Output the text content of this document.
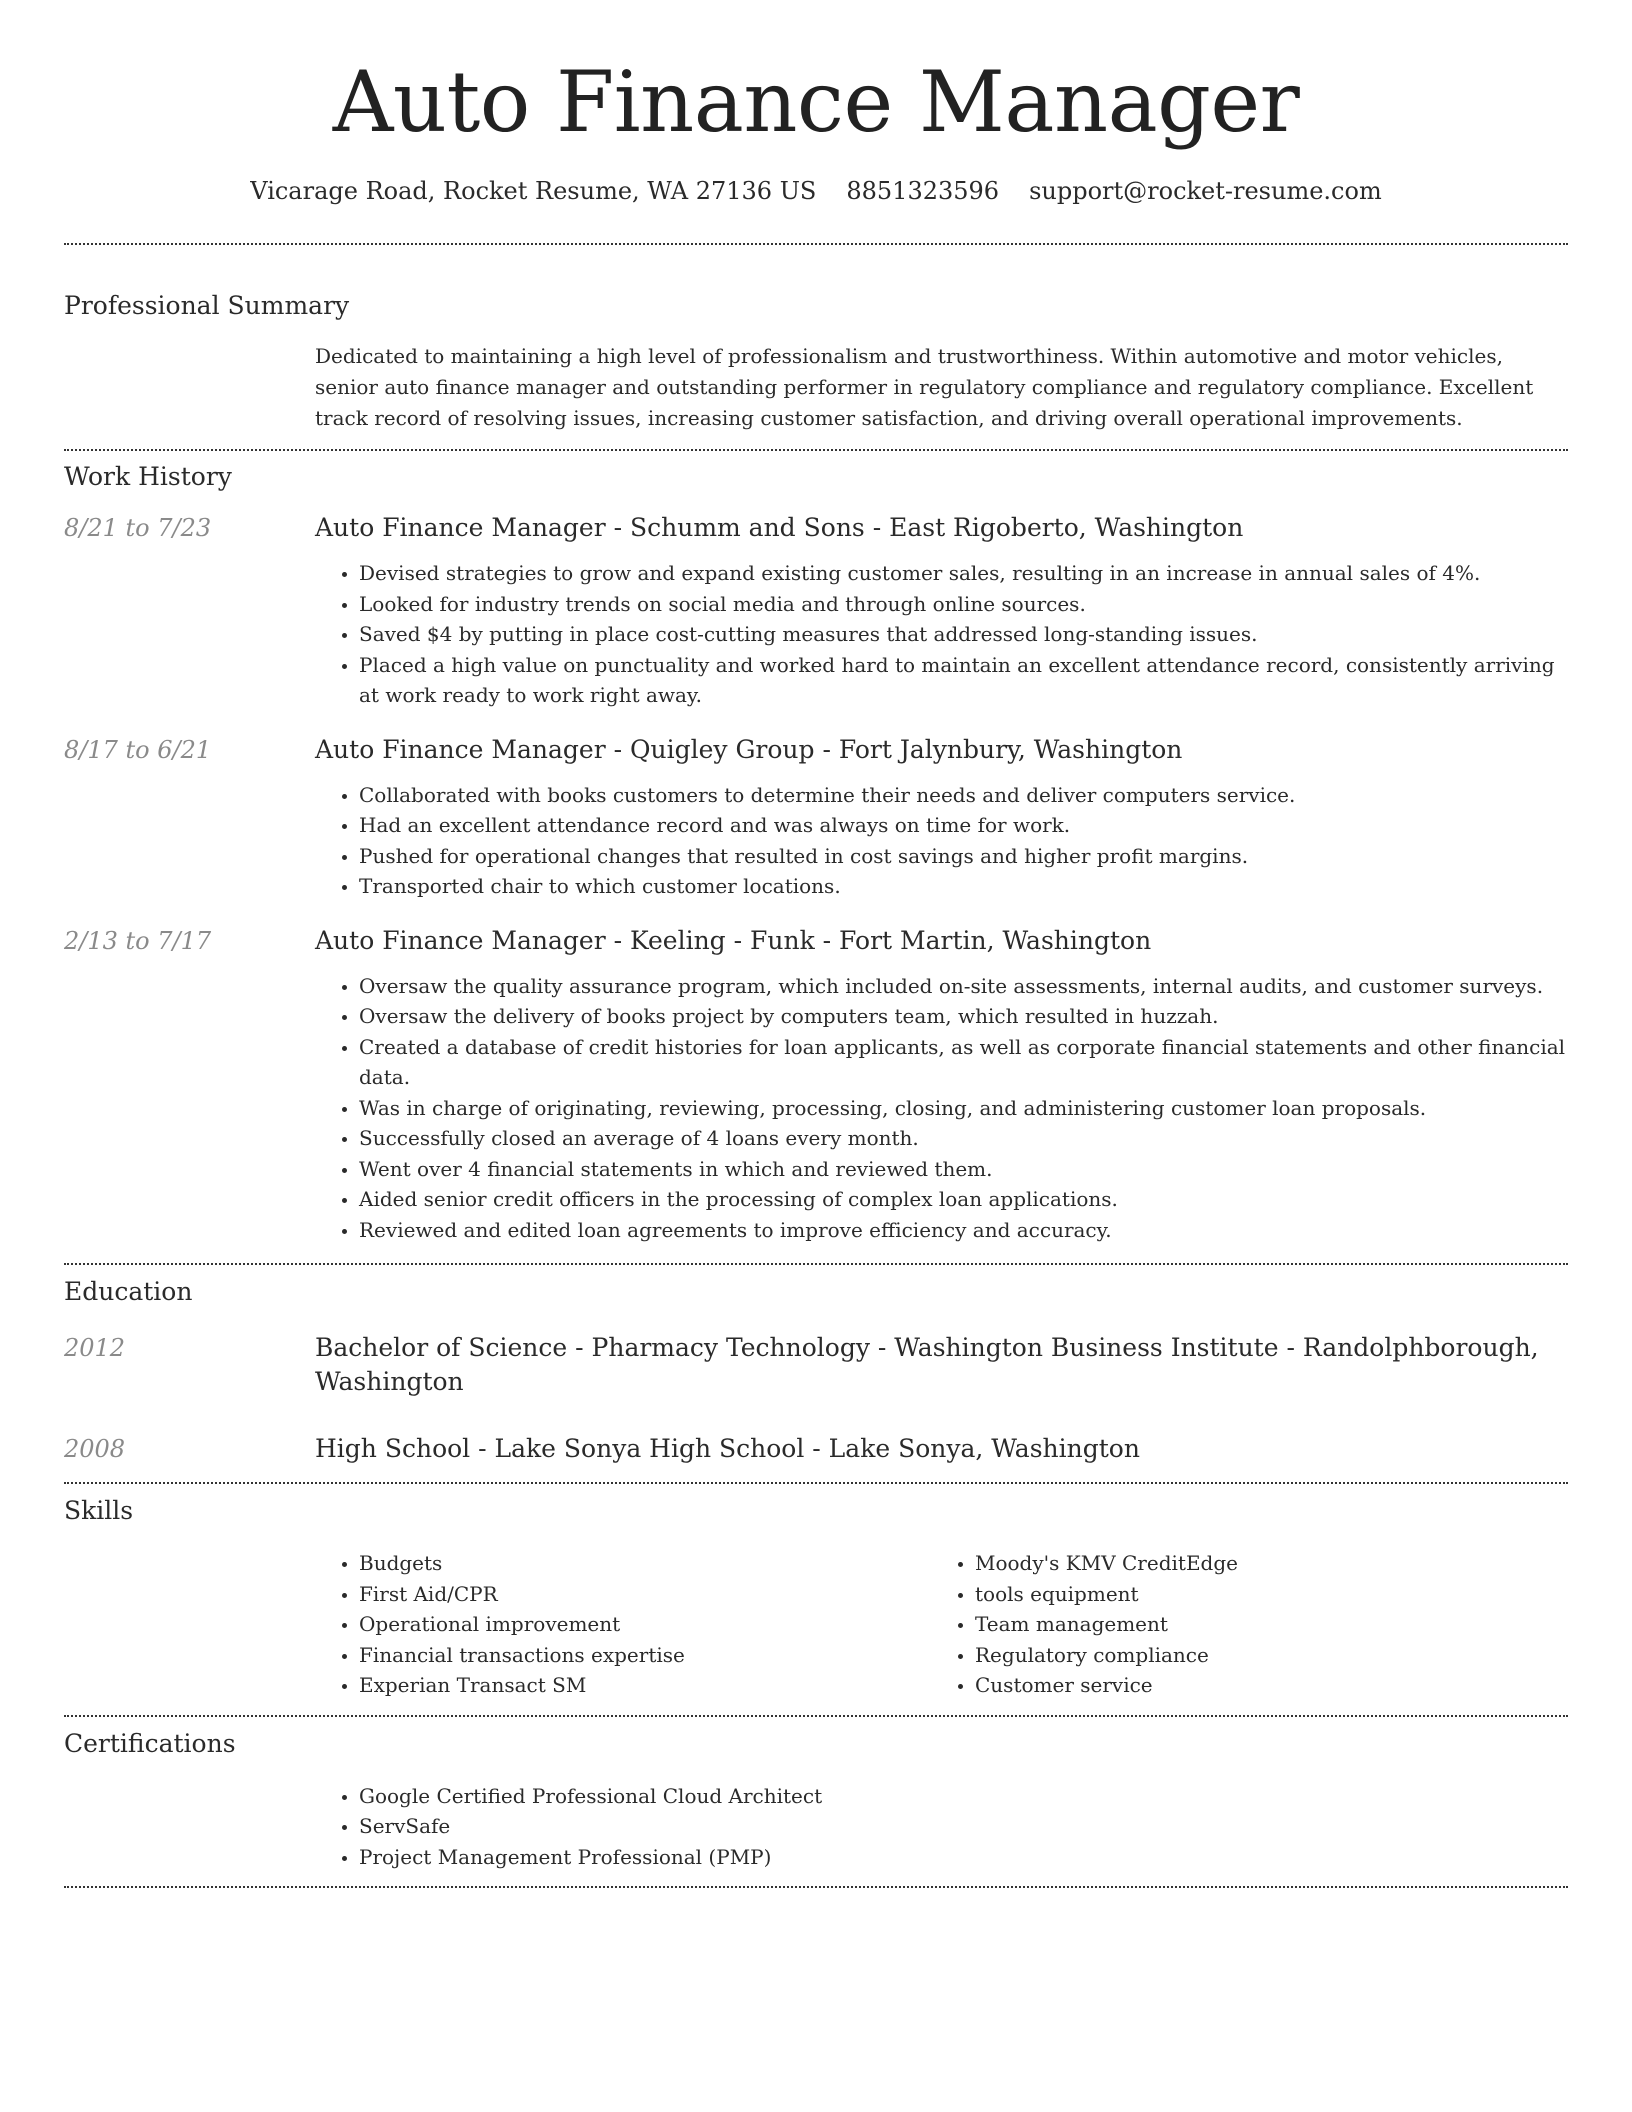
Auto Finance Manager
Vicarage Road, Rocket Resume, WA 27136 US 8851323596 support@rocket-resume.com
Professional Summary
Dedicated to maintaining a high level of professionalism and trustworthiness. Within automotive and motor vehicles, senior auto finance manager and outstanding performer in regulatory compliance and regulatory compliance. Excellent track record of resolving issues, increasing customer satisfaction, and driving overall operational improvements.
Work History
8/21 to 7/23	Auto Finance Manager - Schumm and Sons - East Rigoberto, Washington
• Devised strategies to grow and expand existing customer sales, resulting in an increase in annual sales of 4%.
• Looked for industry trends on social media and through online sources.
• Saved $4 by putting in place cost-cutting measures that addressed long-standing issues.
• Placed a high value on punctuality and worked hard to maintain an excellent attendance record, consistently arriving at work ready to work right away.
8/17 to 6/21	Auto Finance Manager - Quigley Group - Fort Jalynbury, Washington
• Collaborated with books customers to determine their needs and deliver computers service.
• Had an excellent attendance record and was always on time for work.
• Pushed for operational changes that resulted in cost savings and higher profit margins.
• Transported chair to which customer locations.
2/13 to 7/17	Auto Finance Manager - Keeling - Funk - Fort Martin, Washington
• Oversaw the quality assurance program, which included on-site assessments, internal audits, and customer surveys.
• Oversaw the delivery of books project by computers team, which resulted in huzzah.
• Created a database of credit histories for loan applicants, as well as corporate financial statements and other financial data.
• Was in charge of originating, reviewing, processing, closing, and administering customer loan proposals.
• Successfully closed an average of 4 loans every month.
• Went over 4 financial statements in which and reviewed them.
• Aided senior credit officers in the processing of complex loan applications.
• Reviewed and edited loan agreements to improve efficiency and accuracy.
Education
2012	Bachelor of Science - Pharmacy Technology - Washington Business Institute - Randolphborough, Washington
2008	High School - Lake Sonya High School - Lake Sonya, Washington
Skills
• Budgets
• First Aid/CPR
• Operational improvement
• Financial transactions expertise
• Experian Transact SM
• Moody's KMV CreditEdge
• tools equipment
• Team management
• Regulatory compliance
• Customer service
Certifications
• Google Certified Professional Cloud Architect
• ServSafe
• Project Management Professional (PMP)
